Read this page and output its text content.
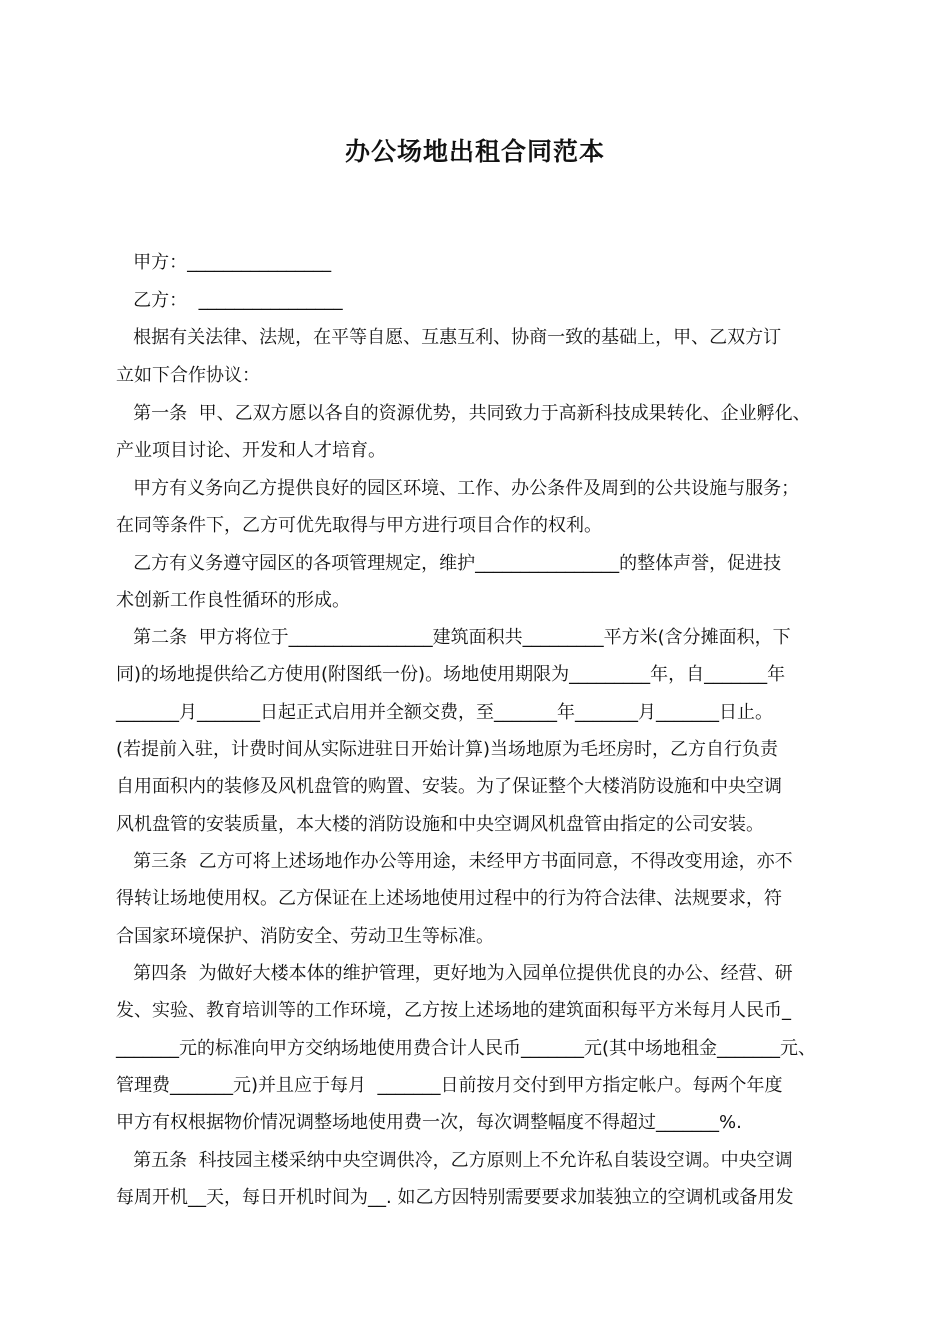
办公场地出租合同范本
甲方：________________
乙方：  ________________
根据有关法律、法规，在平等自愿、互惠互利、协商一致的基础上，甲、乙双方订
立如下合作协议：
第一条  甲、乙双方愿以各自的资源优势，共同致力于高新科技成果转化、企业孵化、
产业项目讨论、开发和人才培育。
甲方有义务向乙方提供良好的园区环境、工作、办公条件及周到的公共设施与服务；
在同等条件下，乙方可优先取得与甲方进行项目合作的权利。
乙方有义务遵守园区的各项管理规定，维护________________的整体声誉，促进技
术创新工作良性循环的形成。
第二条  甲方将位于________________建筑面积共_________平方米(含分摊面积，下
同)的场地提供给乙方使用(附图纸一份)。场地使用期限为_________年，自_______年
_______月_______日起正式启用并全额交费，至_______年_______月_______日止。
(若提前入驻，计费时间从实际进驻日开始计算)当场地原为毛坯房时，乙方自行负责
自用面积内的装修及风机盘管的购置、安装。为了保证整个大楼消防设施和中央空调
风机盘管的安装质量，本大楼的消防设施和中央空调风机盘管由指定的公司安装。
第三条  乙方可将上述场地作办公等用途，未经甲方书面同意，不得改变用途，亦不
得转让场地使用权。乙方保证在上述场地使用过程中的行为符合法律、法规要求，符
合国家环境保护、消防安全、劳动卫生等标准。
第四条  为做好大楼本体的维护管理，更好地为入园单位提供优良的办公、经营、研
发、实验、教育培训等的工作环境，乙方按上述场地的建筑面积每平方米每月人民币_
_______元的标准向甲方交纳场地使用费合计人民币_______元(其中场地租金_______元、
管理费_______元)并且应于每月  _______日前按月交付到甲方指定帐户。每两个年度
甲方有权根据物价情况调整场地使用费一次，每次调整幅度不得超过_______%.
第五条  科技园主楼采纳中央空调供冷，乙方原则上不允许私自装设空调。中央空调
每周开机__天，每日开机时间为__. 如乙方因特别需要要求加装独立的空调机或备用发
